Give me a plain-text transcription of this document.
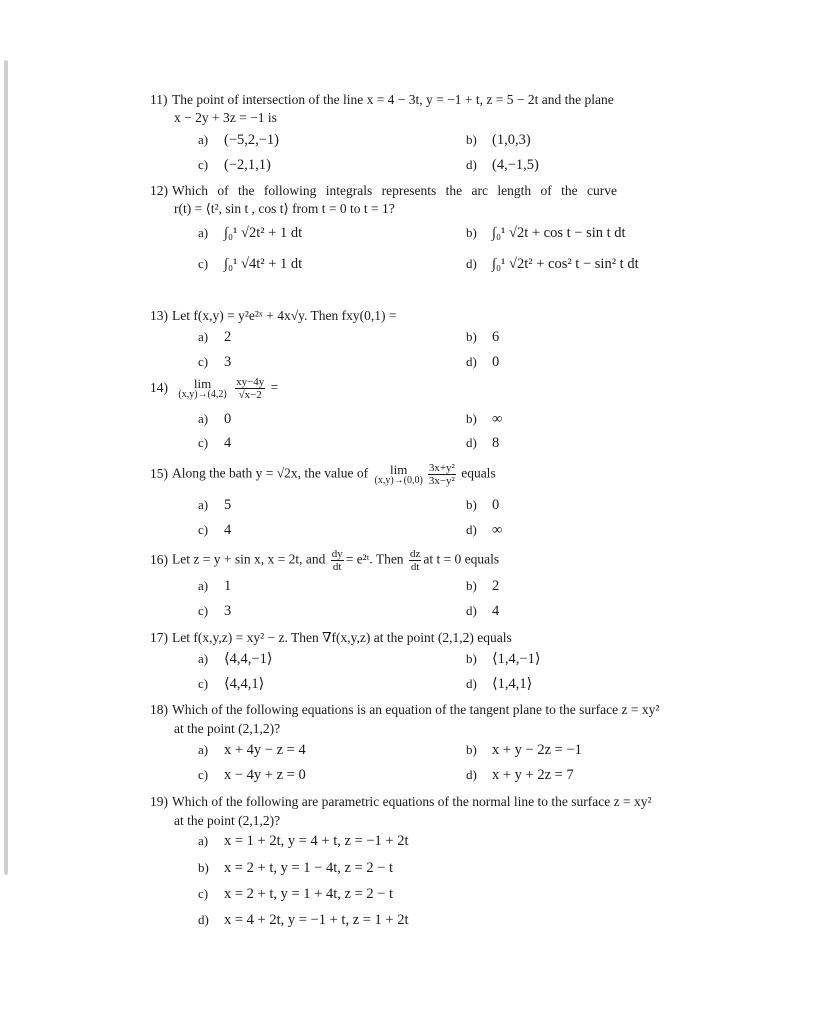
11) The point of intersection of the line x = 4 − 3t, y = −1 + t, z = 5 − 2t and the plane
x − 2y + 3z = −1 is
a) (−5,2,−1)	b) (1,0,3)
c) (−2,1,1)	d) (4,−1,5)
12) Which of the following integrals represents the arc length of the curve
r(t) = ⟨t², sin t , cos t⟩ from t = 0 to t = 1?
a) ∫₀¹ √2t² + 1 dt	b) ∫₀¹ √2t + cos t − sin t dt
c) ∫₀¹ √4t² + 1 dt	d) ∫₀¹ √2t² + cos² t − sin² t dt
13) Let f(x,y) = y²e²ˣ + 4x√y. Then fxy(0,1) =
a) 2	b) 6
c) 3	d) 0
14)	lim
(x,y)→(4,2)
$\frac{xy-4y}{√x-2}$ =
a) 0	b) ∞
c) 4	d) 8
15) Along the bath y = √2x, the value of	lim
$(x,y)\to(0,0) \frac{\text{3x+y²}}{\text{3x−y²}}$ equals
a) 5	b) 0
c) 4	d) ∞
16) Let z = y + sin x, x = 2t, and $\frac{dy}{dt}$ = e²ᵗ. Then $\frac{dz}{dt}$ at t = 0 equals
a) 1	b) 2
c) 3	d) 4
17) Let f(x,y,z) = xy² − z. Then ∇f(x,y,z) at the point (2,1,2) equals
a) ⟨4,4,−1⟩	b) ⟨1,4,−1⟩
c) ⟨4,4,1⟩	d) ⟨1,4,1⟩
18) Which of the following equations is an equation of the tangent plane to the surface z = xy²
at the point (2,1,2)?
a) x + 4y − z = 4	b) x + y − 2z = −1
c) x − 4y + z = 0	d) x + y + 2z = 7
19) Which of the following are parametric equations of the normal line to the surface z = xy²
at the point (2,1,2)?
a) x = 1 + 2t, y = 4 + t, z = −1 + 2t
b) x = 2 + t, y = 1 − 4t, z = 2 − t
c) x = 2 + t, y = 1 + 4t, z = 2 − t
d) x = 4 + 2t, y = −1 + t, z = 1 + 2t
